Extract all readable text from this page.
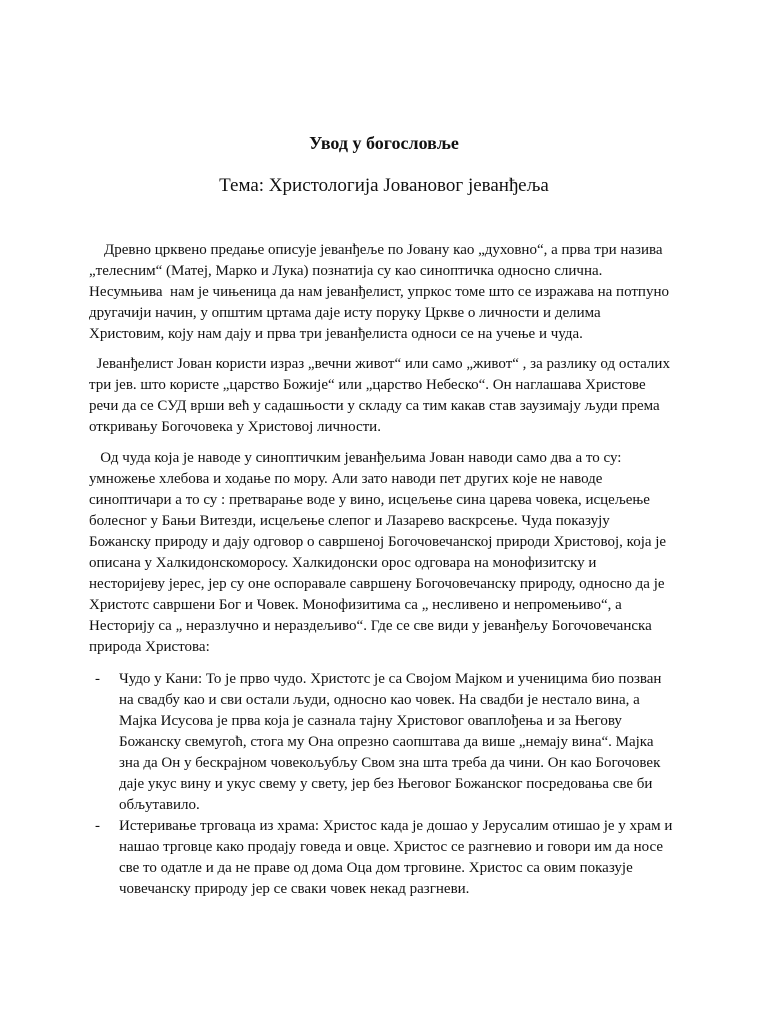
Увод у богословље
Тема: Христологија Јовановог јеванђеља

Древно црквено предање описује јеванђеље по Јовану као „духовно“, а прва три назива
„телесним“ (Матеј, Марко и Лука) познатија су као синоптичка односно слична.
Несумњива  нам је чињеница да нам јеванђелист, упркос томе што се изражава на потпуно
другачији начин, у општим цртама даје исту поруку Цркве о личности и делима
Христовим, коју нам дају и прва три јеванђелиста односи се на учење и чуда.

Јеванђелист Јован користи израз „вечни живот“ или само „живот“ , за разлику од осталих
три јев. што користе „царство Божије“ или „царство Небеско“. Он наглашава Христове
речи да се СУД врши већ у садашњости у складу са тим какав став заузимају људи према
откривању Богочовека у Христовој личности.

Од чуда која је наводе у синоптичким јеванђељима Јован наводи само два а то су:
умножење хлебова и ходање по мору. Али зато наводи пет других које не наводе
синоптичари а то су : претварање воде у вино, исцељење сина царева човека, исцељење
болесног у Бањи Витезди, исцељење слепог и Лазарево васкрсење. Чуда показују
Божанску природу и дају одговор о савршеној Богочовечанској природи Христовој, која је
описана у Халкидонскоморосу. Халкидонски орос одговара на монофизитску и
несторијеву јерес, јер су оне оспоравале савршену Богочовечанску природу, односно да је
Христотс савршени Бог и Човек. Монофизитима са „ несливено и непромењиво“, а
Несторију са „ неразлучно и нераздељиво“. Где се све види у јеванђељу Богочовечанска
природа Христова:

- Чудо у Кани: То је прво чудо. Христотс је са Својом Мајком и ученицима био позван
на свадбу као и сви остали људи, односно као човек. На свадби је нестало вина, а
Мајка Исусова је прва која је сазнала тајну Христовог оваплођења и за Његову
Божанску свемугоћ, стога му Она опрезно саопштава да више „немају вина“. Мајка
зна да Он у бескрајном човекољубљу Свом зна шта треба да чини. Он као Богочовек
даје укус вину и укус свему у свету, јер без Његовог Божанског посредовања све би
обљутавило.
- Истеривање трговаца из храма: Христос када је дошао у Јерусалим отишао је у храм и
нашао трговце како продају говеда и овце. Христос се разгневио и говори им да носе
све то одатле и да не праве од дома Оца дом трговине. Христос са овим показује
човечанску природу јер се сваки човек некад разгневи.
